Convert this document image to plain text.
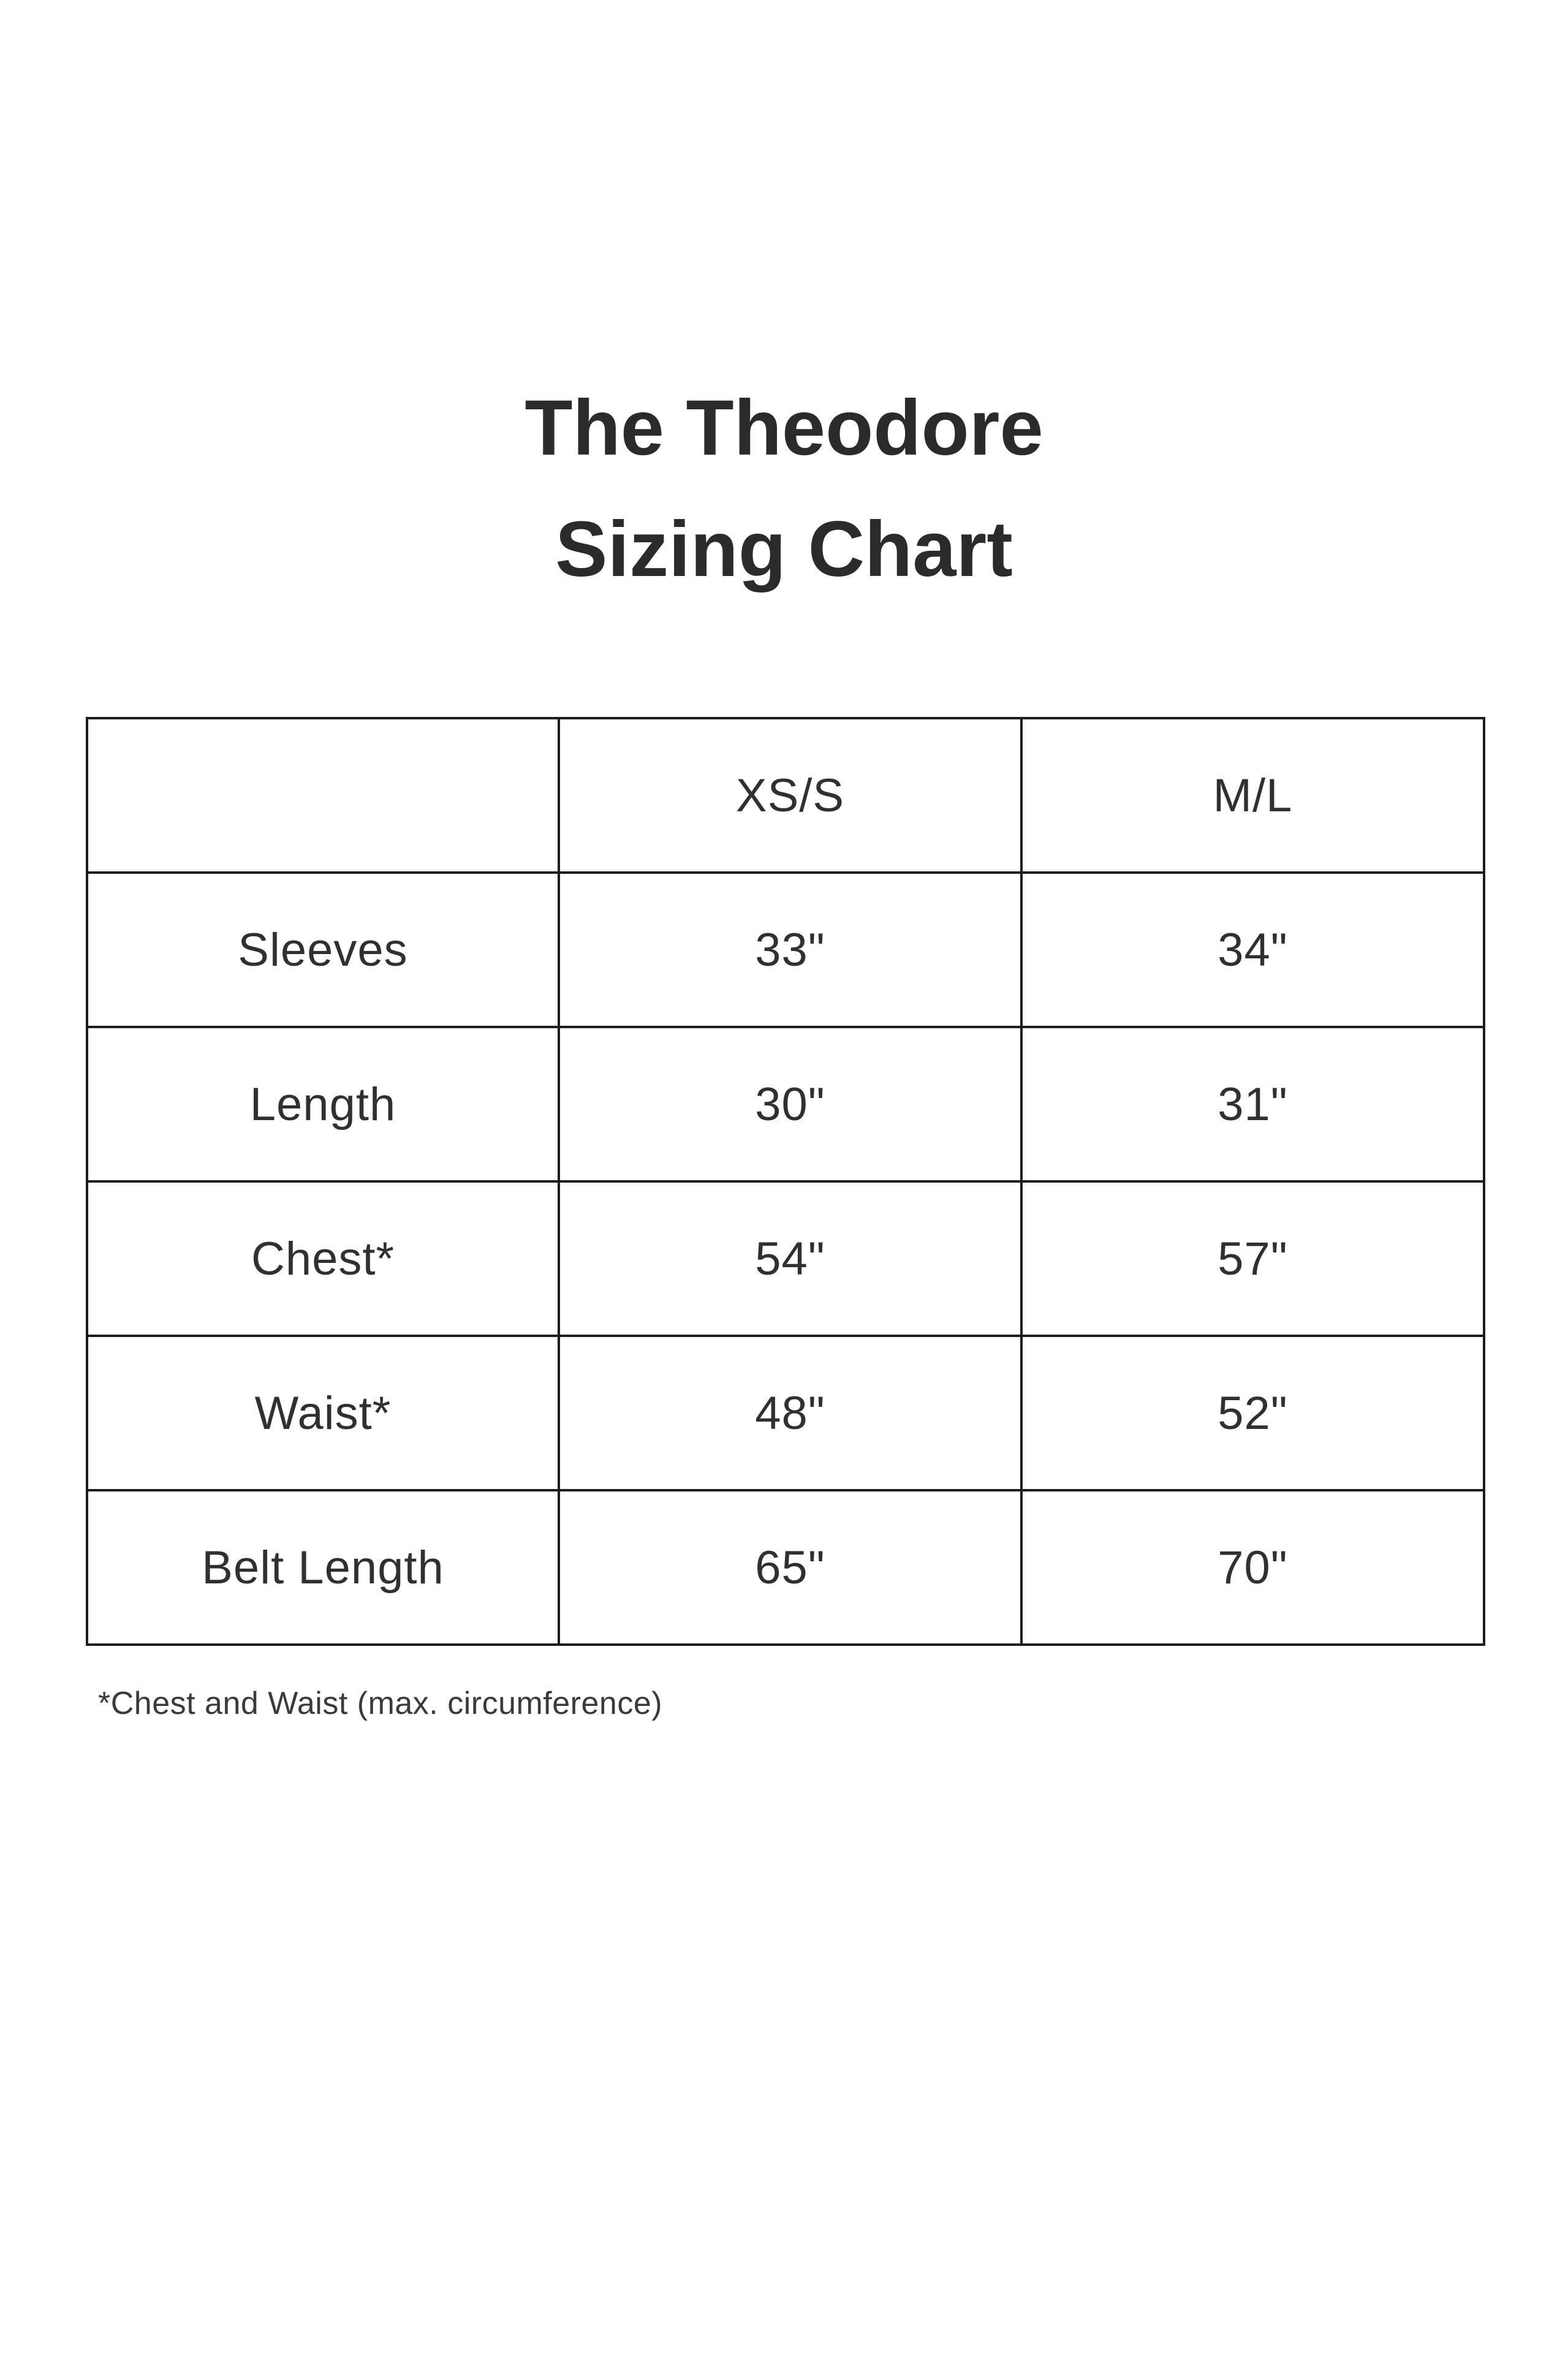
The Theodore
Sizing Chart
	XS/S	M/L
Sleeves	33"	34"
Length	30"	31"
Chest*	54"	57"
Waist*	48"	52"
Belt Length	65"	70"
*Chest and Waist (max. circumference)
